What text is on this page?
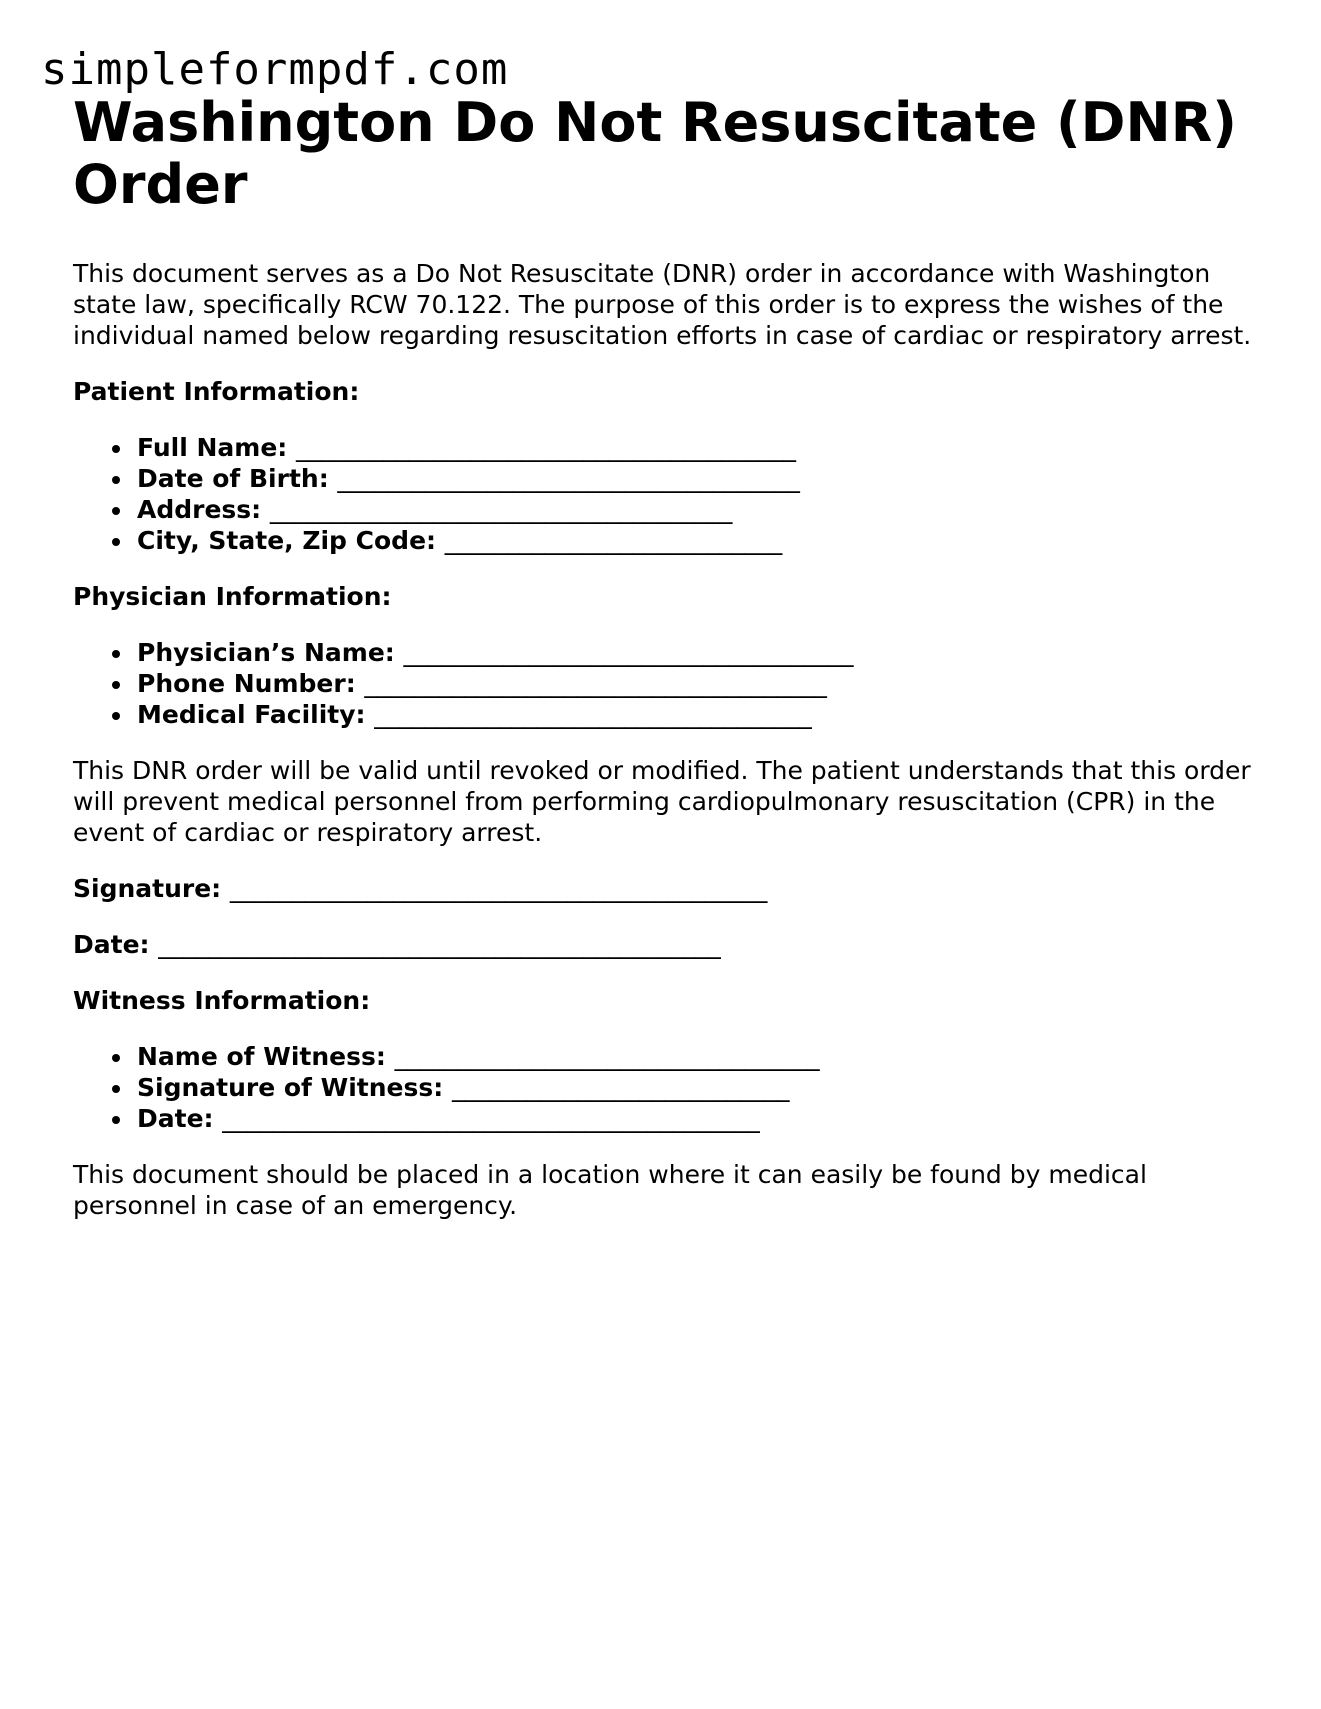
simpleformpdf.com
Washington Do Not Resuscitate (DNR) Order

This document serves as a Do Not Resuscitate (DNR) order in accordance with Washington state law, specifically RCW 70.122. The purpose of this order is to express the wishes of the individual named below regarding resuscitation efforts in case of cardiac or respiratory arrest.

Patient Information:
Full Name: ________________________________________
Date of Birth: _____________________________________
Address: _____________________________________
City, State, Zip Code: ___________________________
Physician Information:
Physician’s Name: ____________________________________
Phone Number: _____________________________________
Medical Facility: ___________________________________

This DNR order will be valid until revoked or modified. The patient understands that this order will prevent medical personnel from performing cardiopulmonary resuscitation (CPR) in the event of cardiac or respiratory arrest.

Signature: ___________________________________________
Date: _____________________________________________
Witness Information:
Name of Witness: __________________________________
Signature of Witness: ___________________________
Date: ___________________________________________

This document should be placed in a location where it can easily be found by medical personnel in case of an emergency.
